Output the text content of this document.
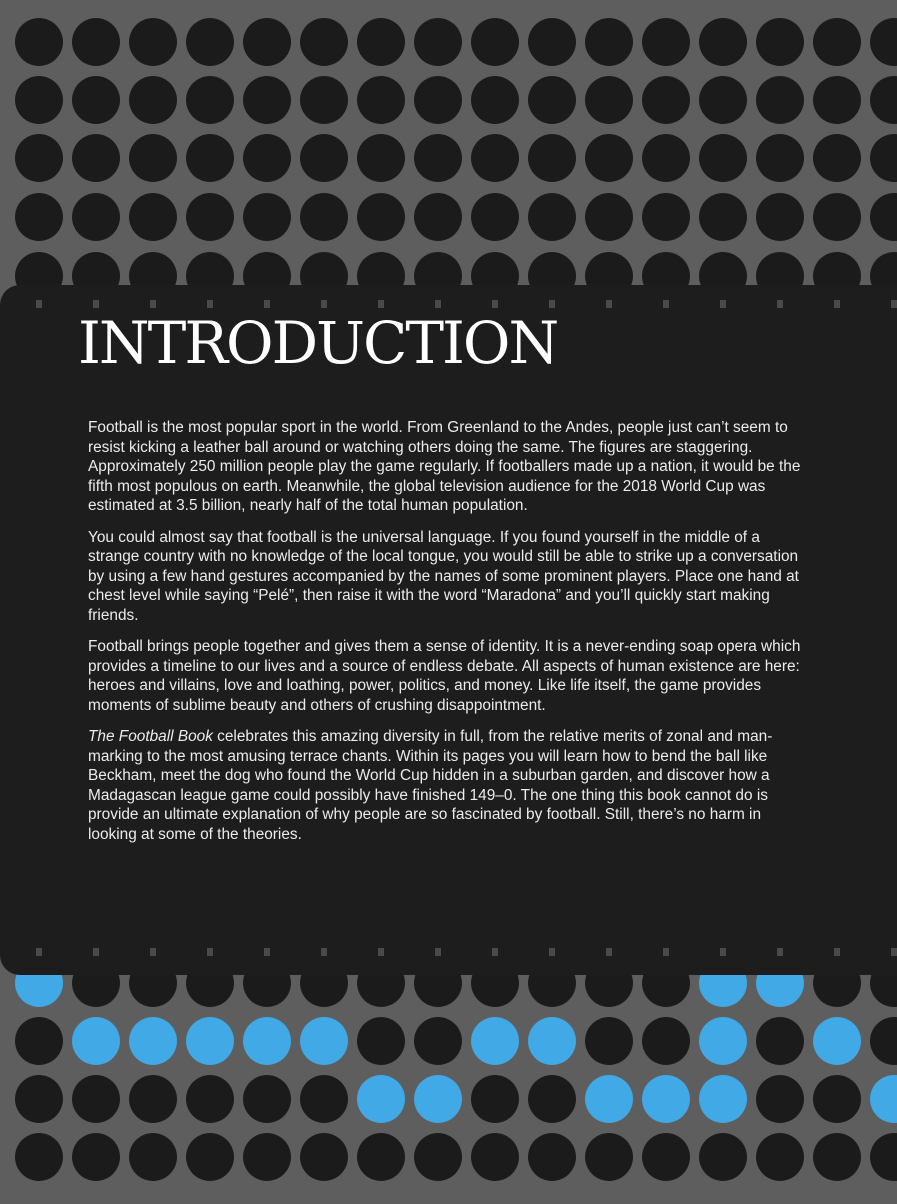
INTRODUCTION

Football is the most popular sport in the world. From Greenland to the Andes, people just can’t seem to resist kicking a leather ball around or watching others doing the same. The figures are staggering. Approximately 250 million people play the game regularly. If footballers made up a nation, it would be the fifth most populous on earth. Meanwhile, the global television audience for the 2018 World Cup was estimated at 3.5 billion, nearly half of the total human population.

You could almost say that football is the universal language. If you found yourself in the middle of a strange country with no knowledge of the local tongue, you would still be able to strike up a conversation by using a few hand gestures accompanied by the names of some prominent players. Place one hand at chest level while saying “Pelé”, then raise it with the word “Maradona” and you’ll quickly start making friends.

Football brings people together and gives them a sense of identity. It is a never-ending soap opera which provides a timeline to our lives and a source of endless debate. All aspects of human existence are here: heroes and villains, love and loathing, power, politics, and money. Like life itself, the game provides moments of sublime beauty and others of crushing disappointment.

The Football Book celebrates this amazing diversity in full, from the relative merits of zonal and man-marking to the most amusing terrace chants. Within its pages you will learn how to bend the ball like Beckham, meet the dog who found the World Cup hidden in a suburban garden, and discover how a Madagascan league game could possibly have finished 149–0. The one thing this book cannot do is provide an ultimate explanation of why people are so fascinated by football. Still, there’s no harm in looking at some of the theories.
